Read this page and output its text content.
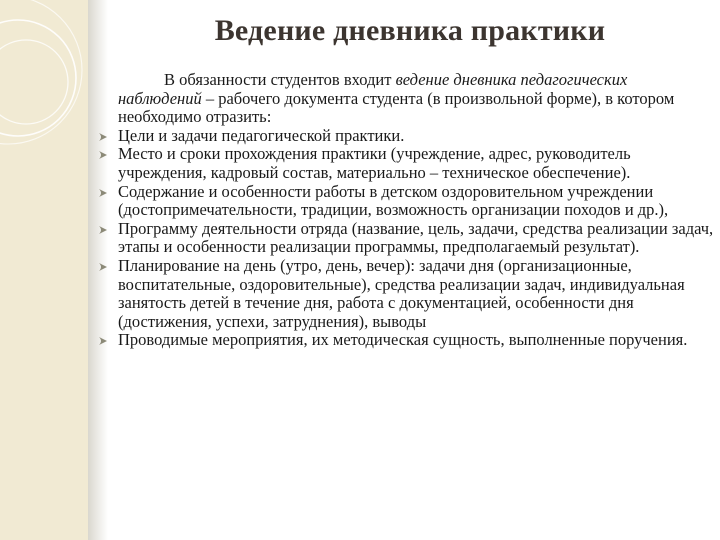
Ведение дневника практики

В обязанности студентов входит ведение дневника педагогических наблюдений – рабочего документа студента (в произвольной форме), в котором необходимо отразить:

Цели и задачи педагогической практики.
Место и сроки прохождения практики (учреждение, адрес, руководитель учреждения, кадровый состав, материально – техническое обеспечение).
Содержание и особенности работы в детском оздоровительном учреждении (достопримечательности, традиции, возможность организации походов и др.),
Программу деятельности отряда (название, цель, задачи, средства реализации задач, этапы и особенности реализации программы, предполагаемый результат).
Планирование на день (утро, день, вечер): задачи дня (организационные, воспитательные, оздоровительные), средства реализации задач, индивидуальная занятость детей в течение дня, работа с документацией, особенности дня (достижения, успехи, затруднения), выводы
Проводимые мероприятия, их методическая сущность, выполненные поручения.
